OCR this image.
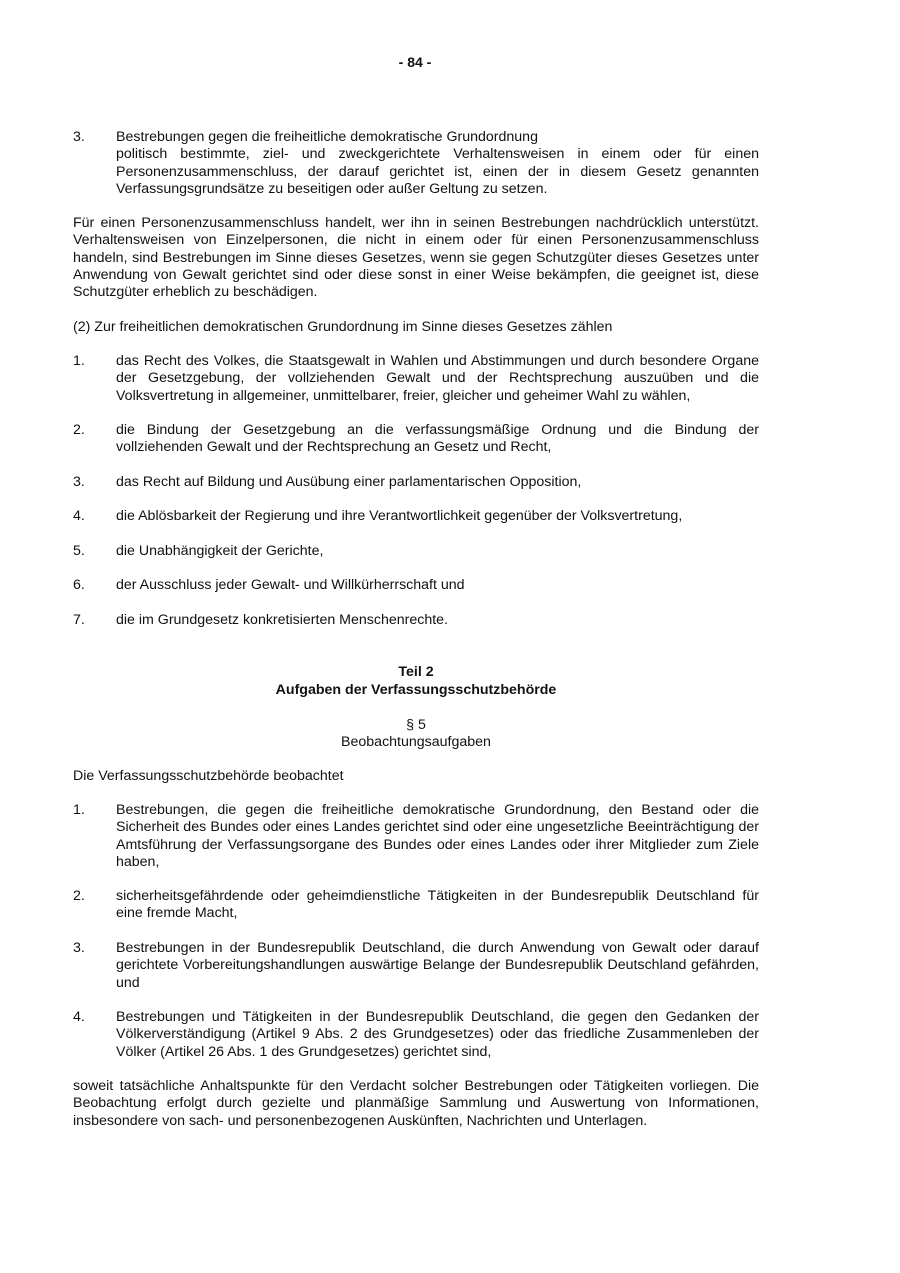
- 84 -
3.	Bestrebungen gegen die freiheitliche demokratische Grundordnung
politisch bestimmte, ziel- und zweckgerichtete Verhaltensweisen in einem oder für einen Personenzusammenschluss, der darauf gerichtet ist, einen der in diesem Gesetz genannten Verfassungsgrundsätze zu beseitigen oder außer Geltung zu setzen.

Für einen Personenzusammenschluss handelt, wer ihn in seinen Bestrebungen nachdrücklich unterstützt. Verhaltensweisen von Einzelpersonen, die nicht in einem oder für einen Personenzusammenschluss handeln, sind Bestrebungen im Sinne dieses Gesetzes, wenn sie gegen Schutzgüter dieses Gesetzes unter Anwendung von Gewalt gerichtet sind oder diese sonst in einer Weise bekämpfen, die geeignet ist, diese Schutzgüter erheblich zu beschädigen.

(2) Zur freiheitlichen demokratischen Grundordnung im Sinne dieses Gesetzes zählen

1.	das Recht des Volkes, die Staatsgewalt in Wahlen und Abstimmungen und durch besondere Organe der Gesetzgebung, der vollziehenden Gewalt und der Rechtsprechung auszuüben und die Volksvertretung in allgemeiner, unmittelbarer, freier, gleicher und geheimer Wahl zu wählen,
2.	die Bindung der Gesetzgebung an die verfassungsmäßige Ordnung und die Bindung der vollziehenden Gewalt und der Rechtsprechung an Gesetz und Recht,
3.	das Recht auf Bildung und Ausübung einer parlamentarischen Opposition,
4.	die Ablösbarkeit der Regierung und ihre Verantwortlichkeit gegenüber der Volksvertretung,
5.	die Unabhängigkeit der Gerichte,
6.	der Ausschluss jeder Gewalt- und Willkürherrschaft und
7.	die im Grundgesetz konkretisierten Menschenrechte.
Teil 2
Aufgaben der Verfassungsschutzbehörde
§ 5
Beobachtungsaufgaben

Die Verfassungsschutzbehörde beobachtet

1.	Bestrebungen, die gegen die freiheitliche demokratische Grundordnung, den Bestand oder die Sicherheit des Bundes oder eines Landes gerichtet sind oder eine ungesetzliche Beeinträchtigung der Amtsführung der Verfassungsorgane des Bundes oder eines Landes oder ihrer Mitglieder zum Ziele haben,
2.	sicherheitsgefährdende oder geheimdienstliche Tätigkeiten in der Bundesrepublik Deutschland für eine fremde Macht,
3.	Bestrebungen in der Bundesrepublik Deutschland, die durch Anwendung von Gewalt oder darauf gerichtete Vorbereitungshandlungen auswärtige Belange der Bundesrepublik Deutschland gefährden, und
4.	Bestrebungen und Tätigkeiten in der Bundesrepublik Deutschland, die gegen den Gedanken der Völkerverständigung (Artikel 9 Abs. 2 des Grundgesetzes) oder das friedliche Zusammenleben der Völker (Artikel 26 Abs. 1 des Grundgesetzes) gerichtet sind,

soweit tatsächliche Anhaltspunkte für den Verdacht solcher Bestrebungen oder Tätigkeiten vorliegen. Die Beobachtung erfolgt durch gezielte und planmäßige Sammlung und Auswertung von Informationen, insbesondere von sach- und personenbezogenen Auskünften, Nachrichten und Unterlagen.
